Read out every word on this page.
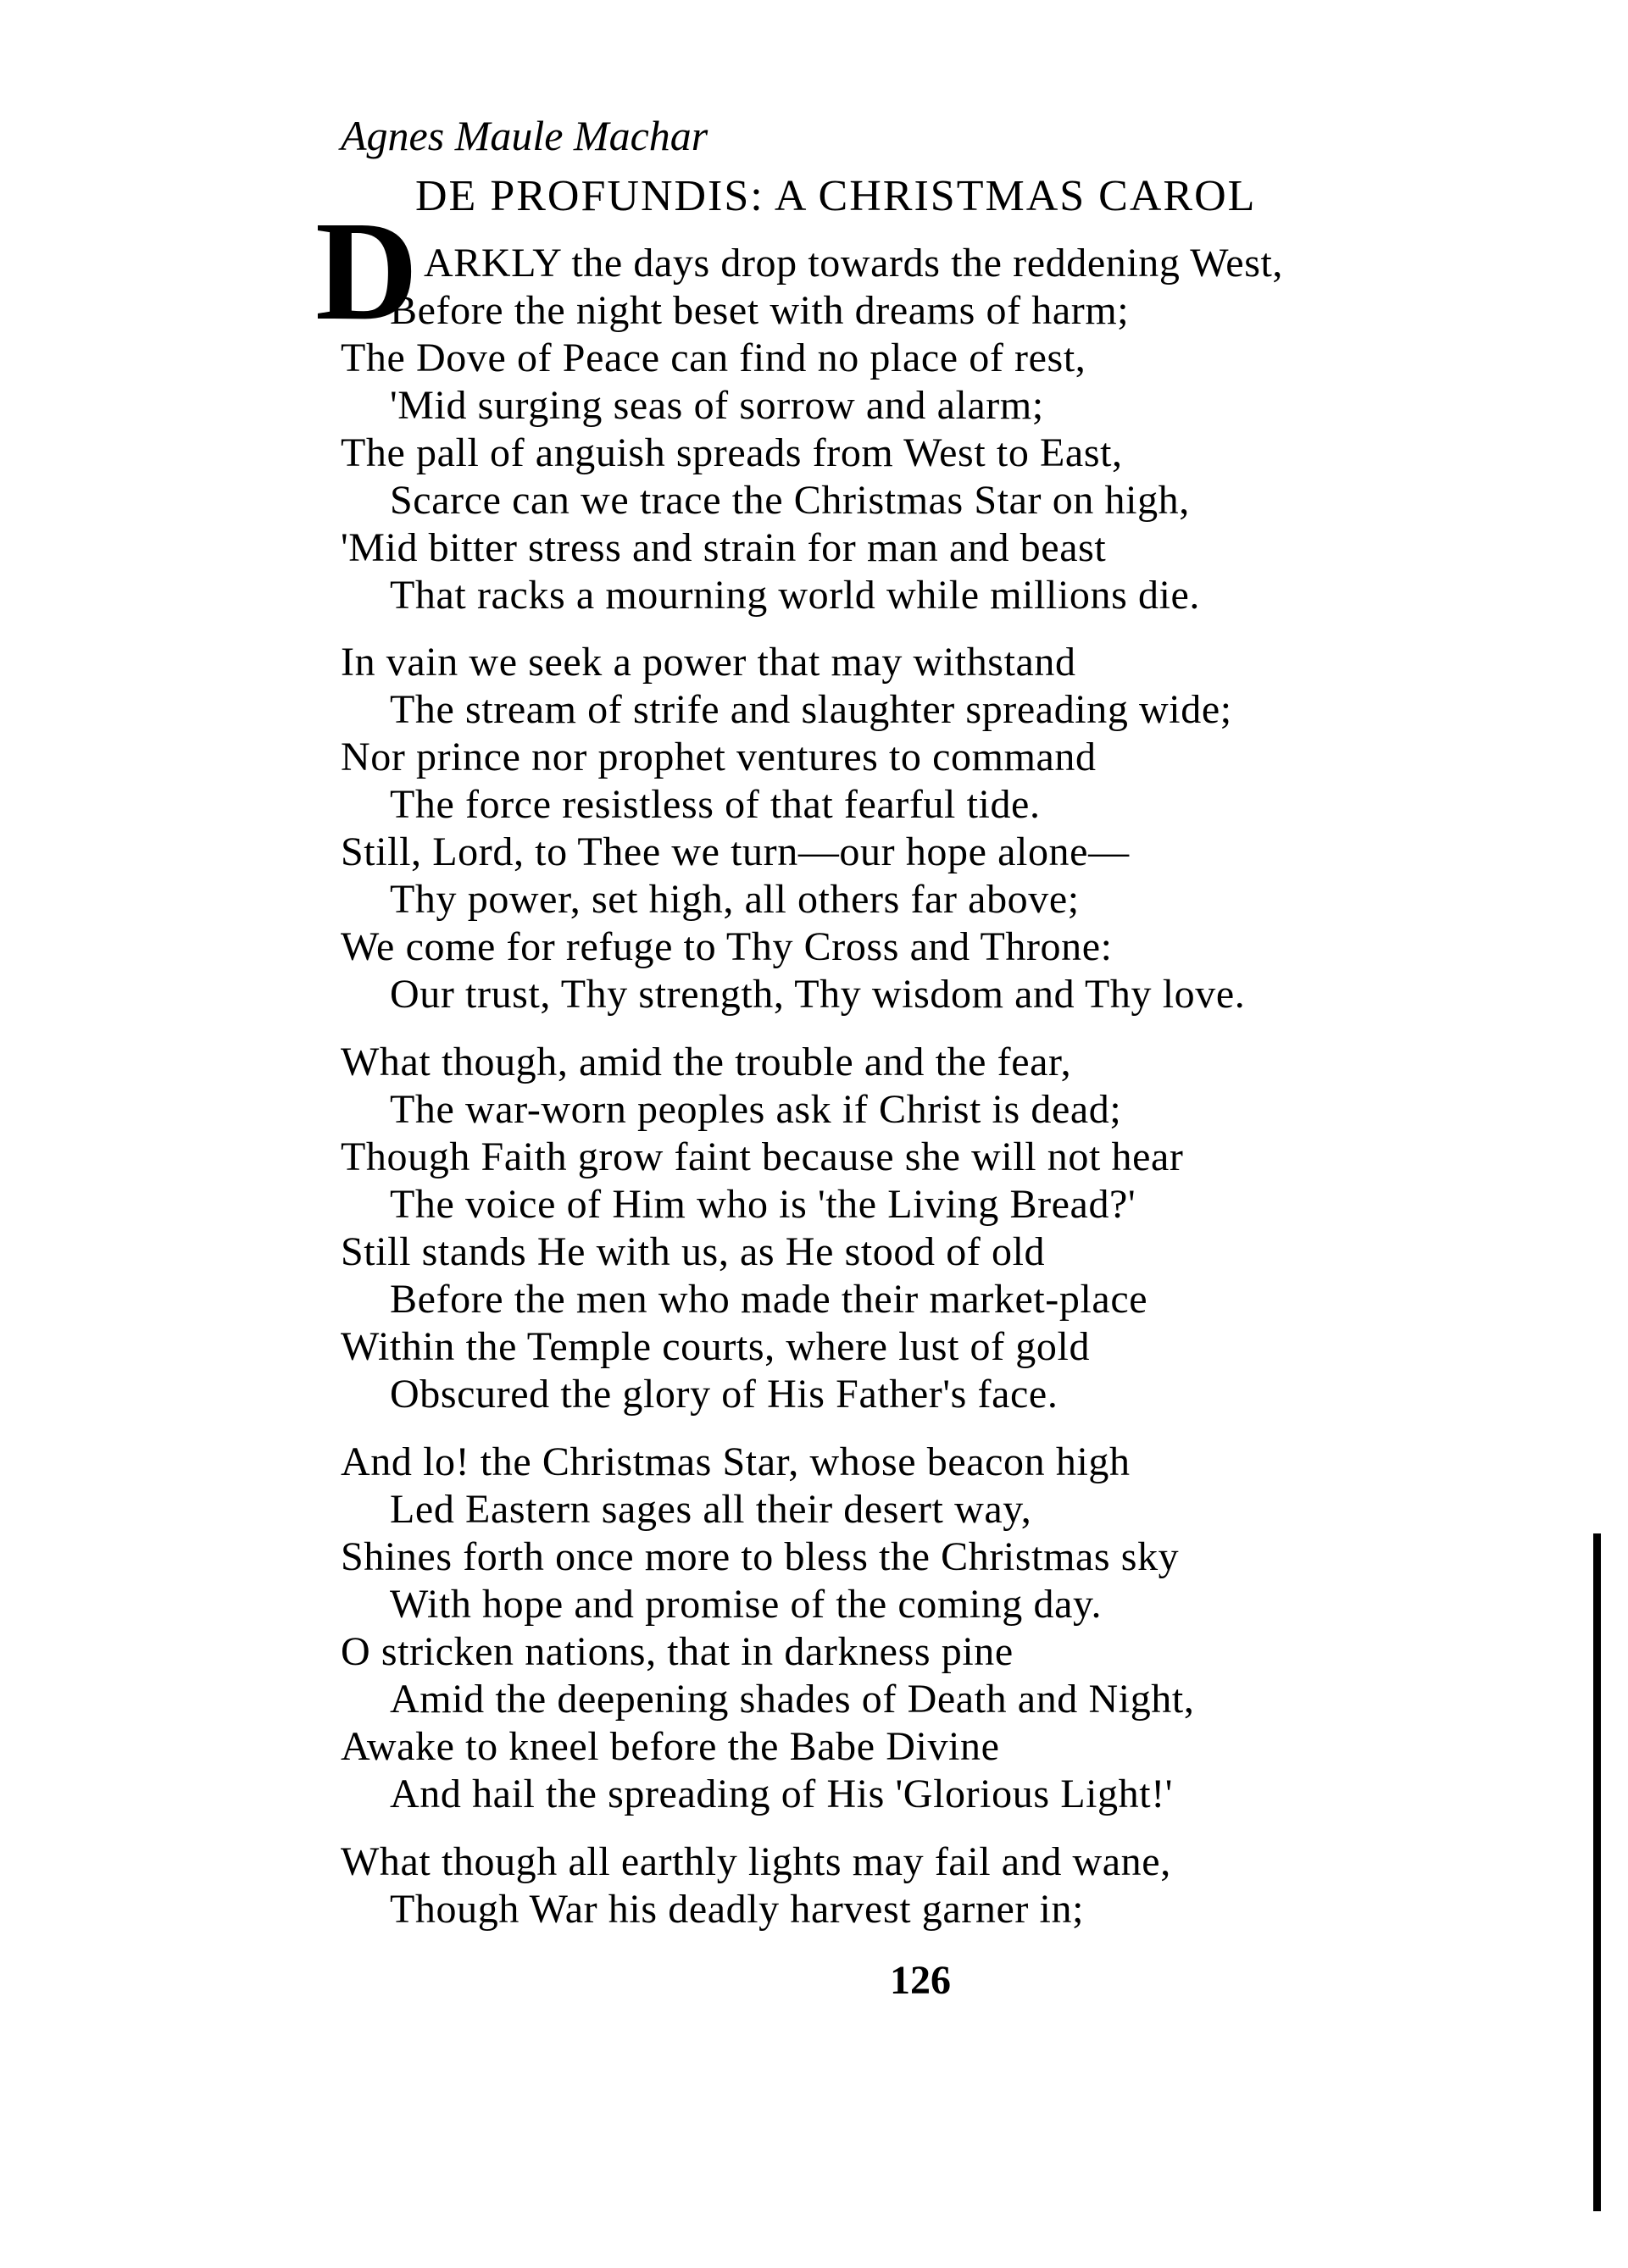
Agnes Maule Machar
DE PROFUNDIS: A CHRISTMAS CAROL
D ARKLY the days drop towards the reddening West,
Before the night beset with dreams of harm;
The Dove of Peace can find no place of rest,
'Mid surging seas of sorrow and alarm;
The pall of anguish spreads from West to East,
Scarce can we trace the Christmas Star on high,
'Mid bitter stress and strain for man and beast
That racks a mourning world while millions die.
In vain we seek a power that may withstand
The stream of strife and slaughter spreading wide;
Nor prince nor prophet ventures to command
The force resistless of that fearful tide.
Still, Lord, to Thee we turn—our hope alone—
Thy power, set high, all others far above;
We come for refuge to Thy Cross and Throne:
Our trust, Thy strength, Thy wisdom and Thy love.
What though, amid the trouble and the fear,
The war-worn peoples ask if Christ is dead;
Though Faith grow faint because she will not hear
The voice of Him who is 'the Living Bread?'
Still stands He with us, as He stood of old
Before the men who made their market-place
Within the Temple courts, where lust of gold
Obscured the glory of His Father's face.
And lo! the Christmas Star, whose beacon high
Led Eastern sages all their desert way,
Shines forth once more to bless the Christmas sky
With hope and promise of the coming day.
O stricken nations, that in darkness pine
Amid the deepening shades of Death and Night,
Awake to kneel before the Babe Divine
And hail the spreading of His 'Glorious Light!'
What though all earthly lights may fail and wane,
Though War his deadly harvest garner in;
126
